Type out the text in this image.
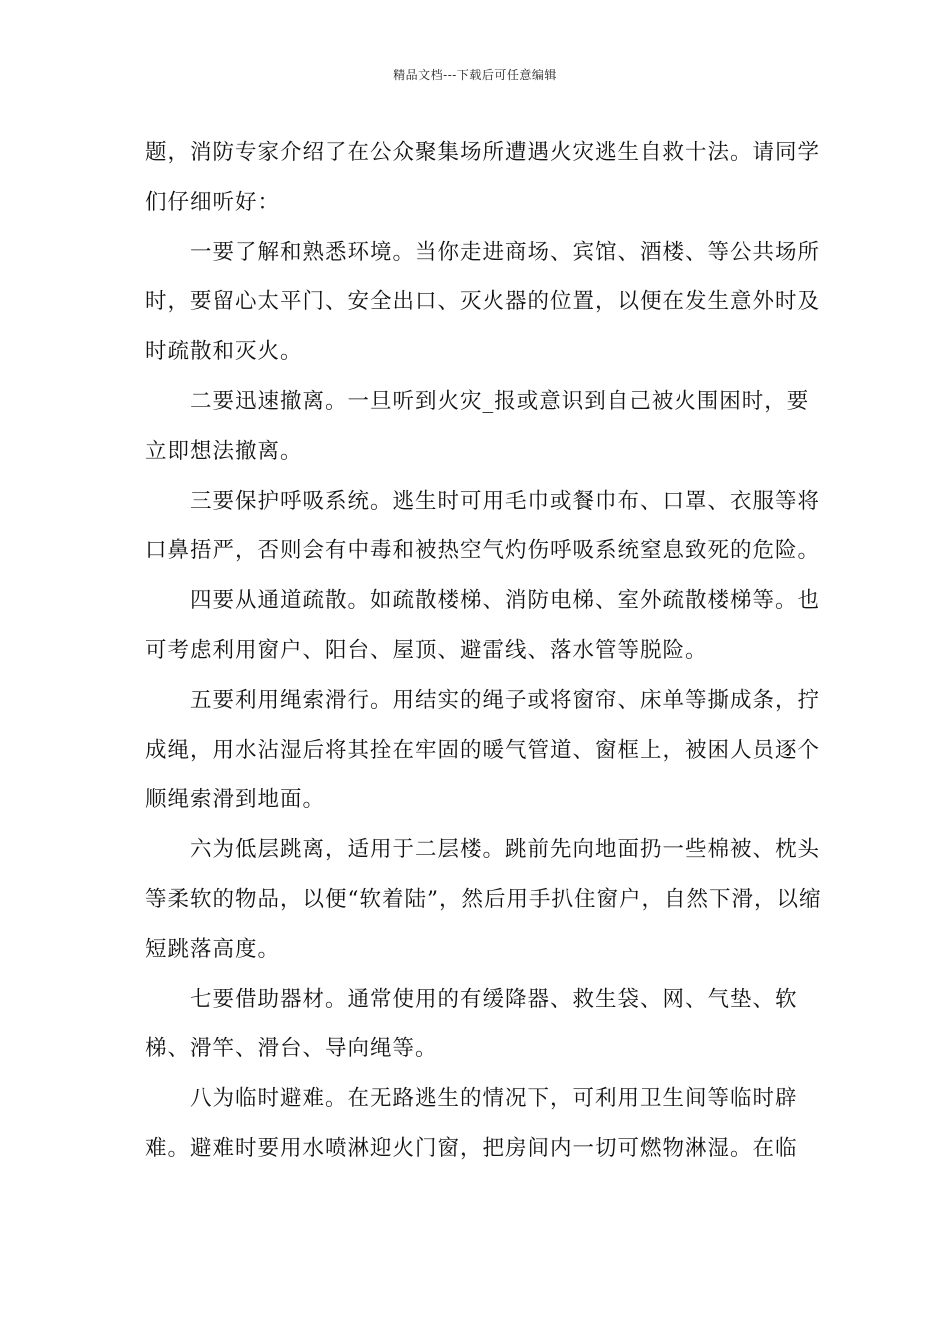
精品文档---下载后可任意编辑

题，消防专家介绍了在公众聚集场所遭遇火灾逃生自救十法。请同学们仔细听好：

一要了解和熟悉环境。当你走进商场、宾馆、酒楼、等公共场所时，要留心太平门、安全出口、灭火器的位置，以便在发生意外时及时疏散和灭火。

二要迅速撤离。一旦听到火灾_报或意识到自己被火围困时，要立即想法撤离。

三要保护呼吸系统。逃生时可用毛巾或餐巾布、口罩、衣服等将口鼻捂严，否则会有中毒和被热空气灼伤呼吸系统窒息致死的危险。

四要从通道疏散。如疏散楼梯、消防电梯、室外疏散楼梯等。也可考虑利用窗户、阳台、屋顶、避雷线、落水管等脱险。

五要利用绳索滑行。用结实的绳子或将窗帘、床单等撕成条，拧成绳，用水沾湿后将其拴在牢固的暖气管道、窗框上，被困人员逐个顺绳索滑到地面。

六为低层跳离，适用于二层楼。跳前先向地面扔一些棉被、枕头等柔软的物品，以便“软着陆”，然后用手扒住窗户，自然下滑，以缩短跳落高度。

七要借助器材。通常使用的有缓降器、救生袋、网、气垫、软梯、滑竿、滑台、导向绳等。

八为临时避难。在无路逃生的情况下，可利用卫生间等临时辟难。避难时要用水喷淋迎火门窗，把房间内一切可燃物淋湿。在临
